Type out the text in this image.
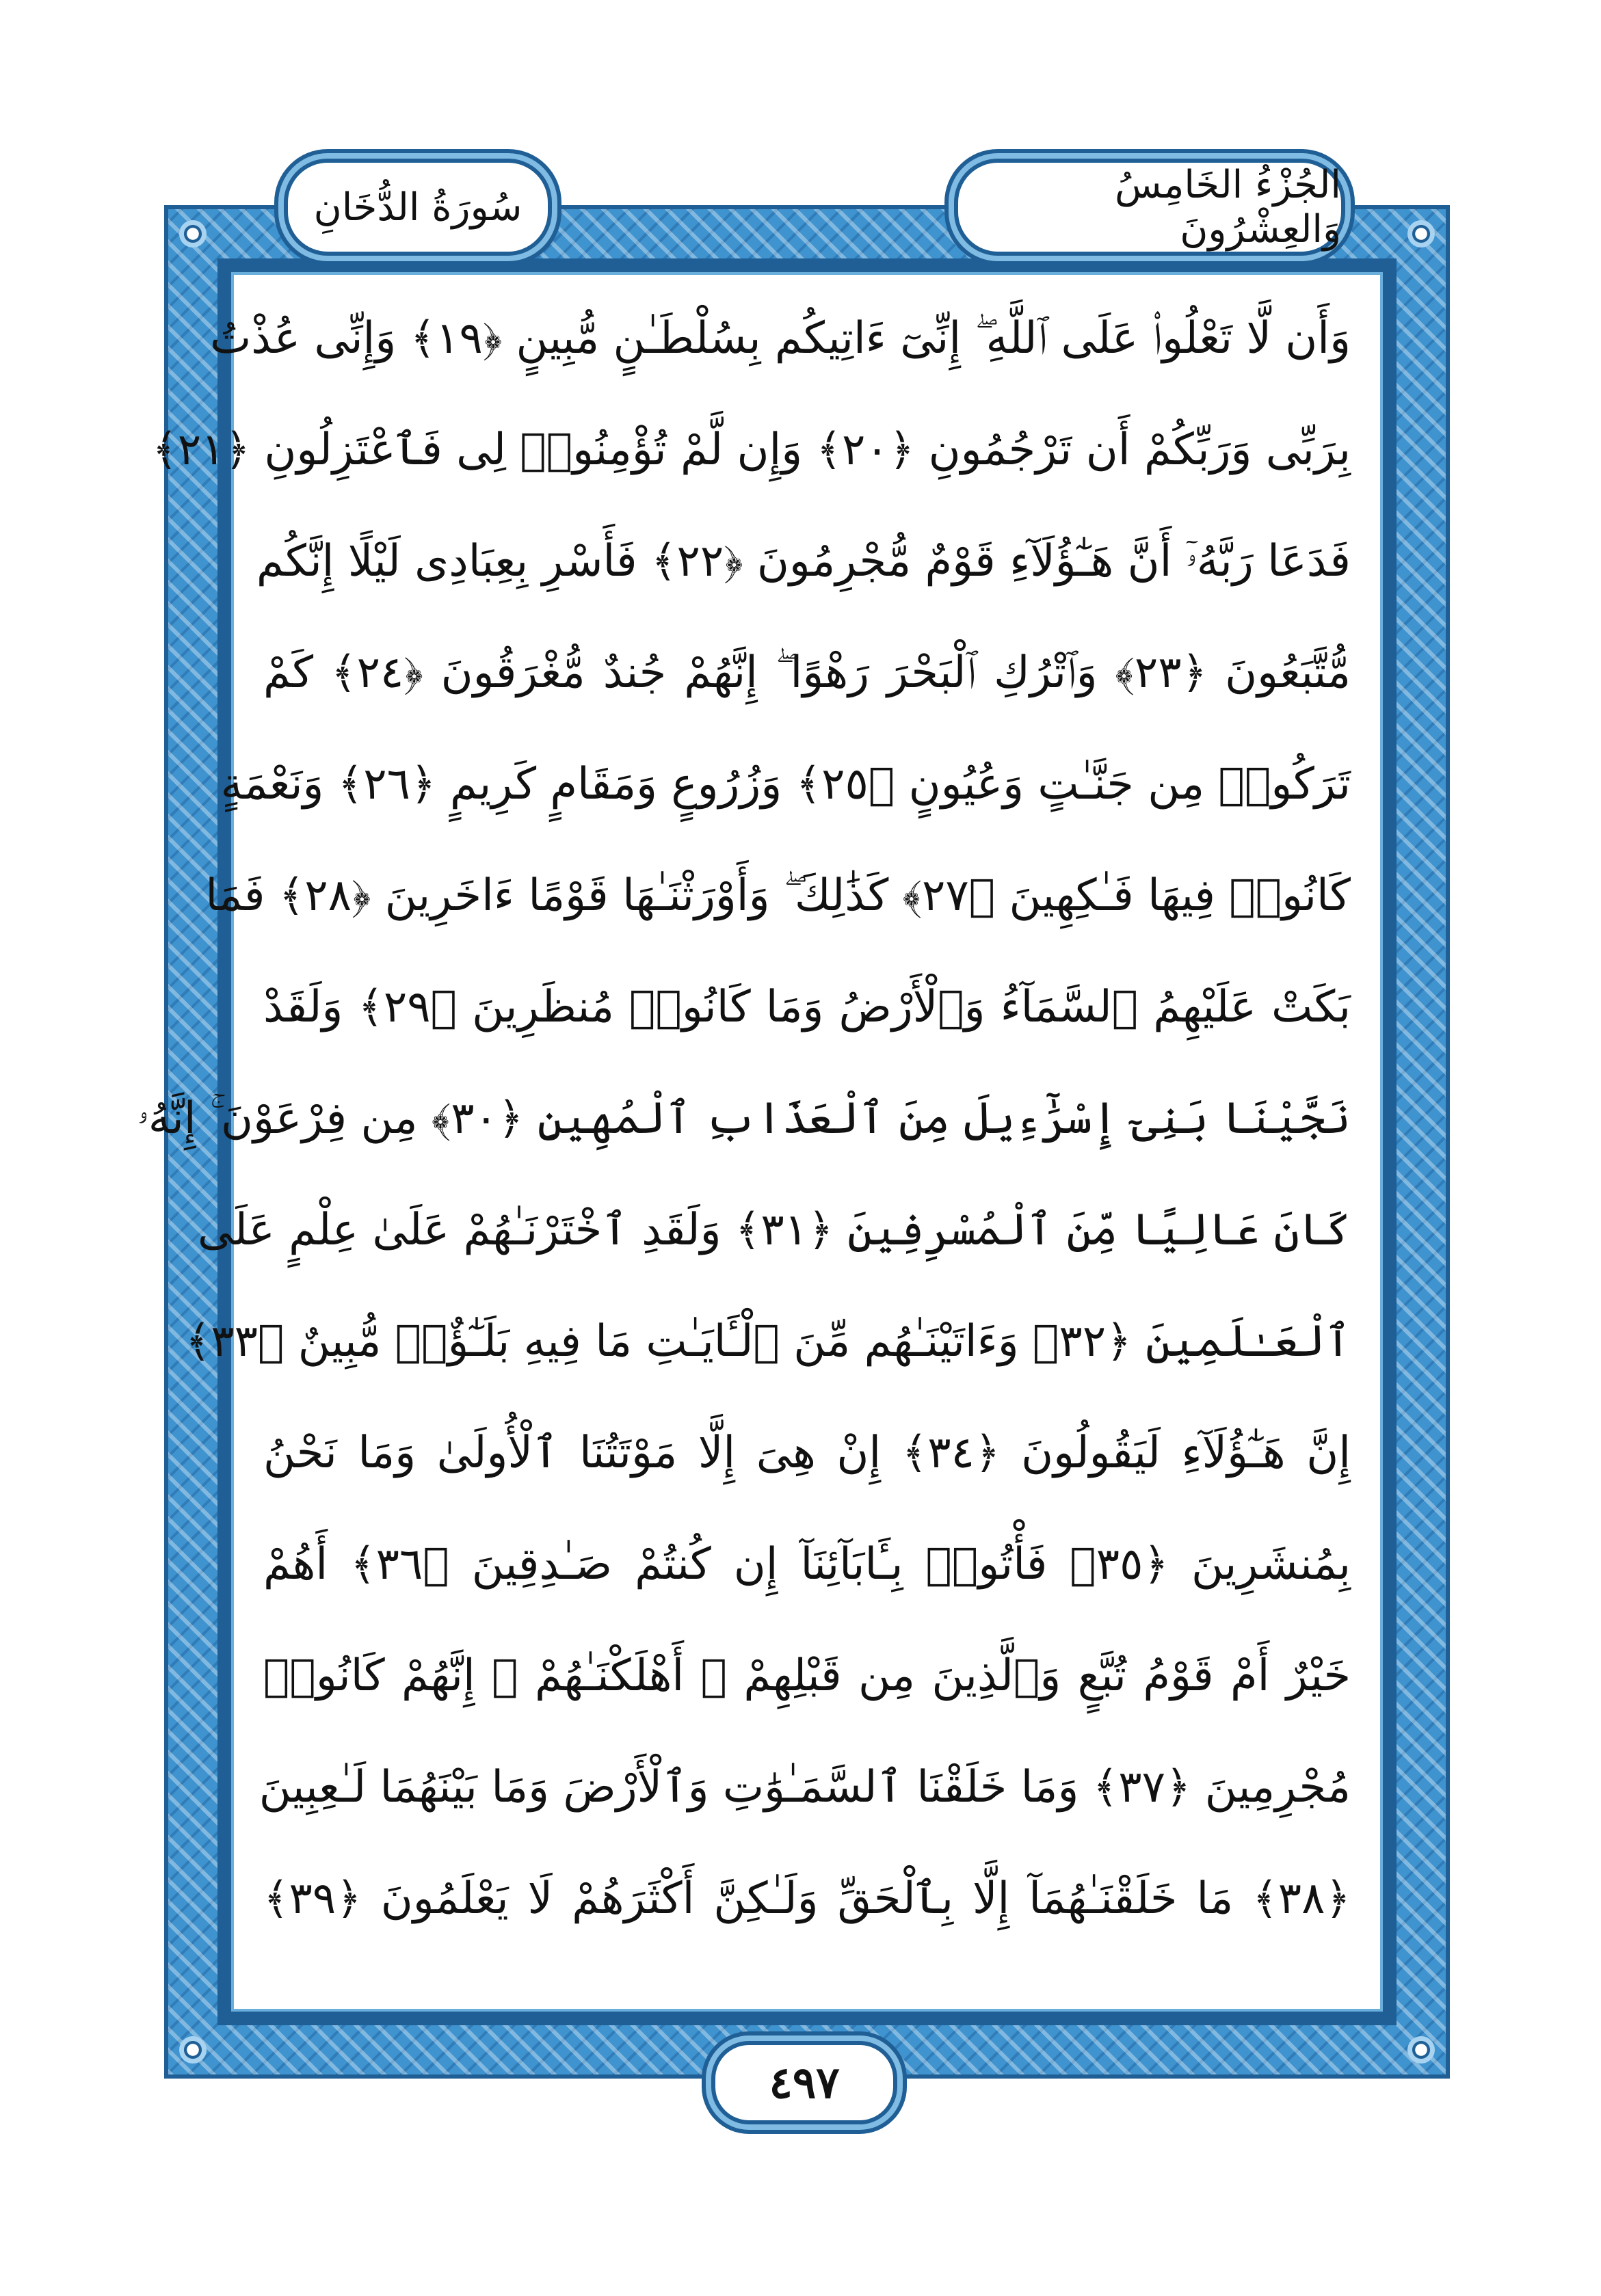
الجُزْءُ الخَامِسُ وَالعِشْرُونَ
سُورَةُ الدُّخَانِ
وَأَن لَّا تَعْلُوا۟ عَلَى ٱللَّهِ ۖ إِنِّىٓ ءَاتِيكُم بِسُلْطَـٰنٍ مُّبِينٍ ﴿١٩﴾ وَإِنِّى عُذْتُ
بِرَبِّى وَرَبِّكُمْ أَن تَرْجُمُونِ ﴿٢٠﴾ وَإِن لَّمْ تُؤْمِنُوا۟ لِى فَٱعْتَزِلُونِ ﴿٢١﴾
فَدَعَا رَبَّهُۥٓ أَنَّ هَـٰٓؤُلَآءِ قَوْمٌ مُّجْرِمُونَ ﴿٢٢﴾ فَأَسْرِ بِعِبَادِى لَيْلًا إِنَّكُم
مُّتَّبَعُونَ ﴿٢٣﴾ وَٱتْرُكِ ٱلْبَحْرَ رَهْوًا ۖ إِنَّهُمْ جُندٌ مُّغْرَقُونَ ﴿٢٤﴾ كَمْ
تَرَكُوا۟ مِن جَنَّـٰتٍ وَعُيُونٍ ﴿٢٥﴾ وَزُرُوعٍ وَمَقَامٍ كَرِيمٍ ﴿٢٦﴾ وَنَعْمَةٍ
كَانُوا۟ فِيهَا فَـٰكِهِينَ ﴿٢٧﴾ كَذَٰلِكَ ۖ وَأَوْرَثْنَـٰهَا قَوْمًا ءَاخَرِينَ ﴿٢٨﴾ فَمَا
بَكَتْ عَلَيْهِمُ ٱلسَّمَآءُ وَٱلْأَرْضُ وَمَا كَانُوا۟ مُنظَرِينَ ﴿٢٩﴾ وَلَقَدْ
نَجَّيْنَا بَنِىٓ إِسْرَٰٓءِيلَ مِنَ ٱلْعَذَابِ ٱلْمُهِينِ ﴿٣٠﴾ مِن فِرْعَوْنَ ۚ إِنَّهُۥ
كَانَ عَالِيًا مِّنَ ٱلْمُسْرِفِينَ ﴿٣١﴾ وَلَقَدِ ٱخْتَرْنَـٰهُمْ عَلَىٰ عِلْمٍ عَلَى
ٱلْعَـٰلَمِينَ ﴿٣٢﴾ وَءَاتَيْنَـٰهُم مِّنَ ٱلْـَٔايَـٰتِ مَا فِيهِ بَلَـٰٓؤٌا۟ مُّبِينٌ ﴿٣٣﴾
إِنَّ هَـٰٓؤُلَآءِ لَيَقُولُونَ ﴿٣٤﴾ إِنْ هِىَ إِلَّا مَوْتَتُنَا ٱلْأُولَىٰ وَمَا نَحْنُ
بِمُنشَرِينَ ﴿٣٥﴾ فَأْتُوا۟ بِـَٔابَآئِنَآ إِن كُنتُمْ صَـٰدِقِينَ ﴿٣٦﴾ أَهُمْ
خَيْرٌ أَمْ قَوْمُ تُبَّعٍ وَٱلَّذِينَ مِن قَبْلِهِمْ ۚ أَهْلَكْنَـٰهُمْ ۖ إِنَّهُمْ كَانُوا۟
مُجْرِمِينَ ﴿٣٧﴾ وَمَا خَلَقْنَا ٱلسَّمَـٰوَٰتِ وَٱلْأَرْضَ وَمَا بَيْنَهُمَا لَـٰعِبِينَ
﴿٣٨﴾ مَا خَلَقْنَـٰهُمَآ إِلَّا بِٱلْحَقِّ وَلَـٰكِنَّ أَكْثَرَهُمْ لَا يَعْلَمُونَ ﴿٣٩﴾
٤٩٧
